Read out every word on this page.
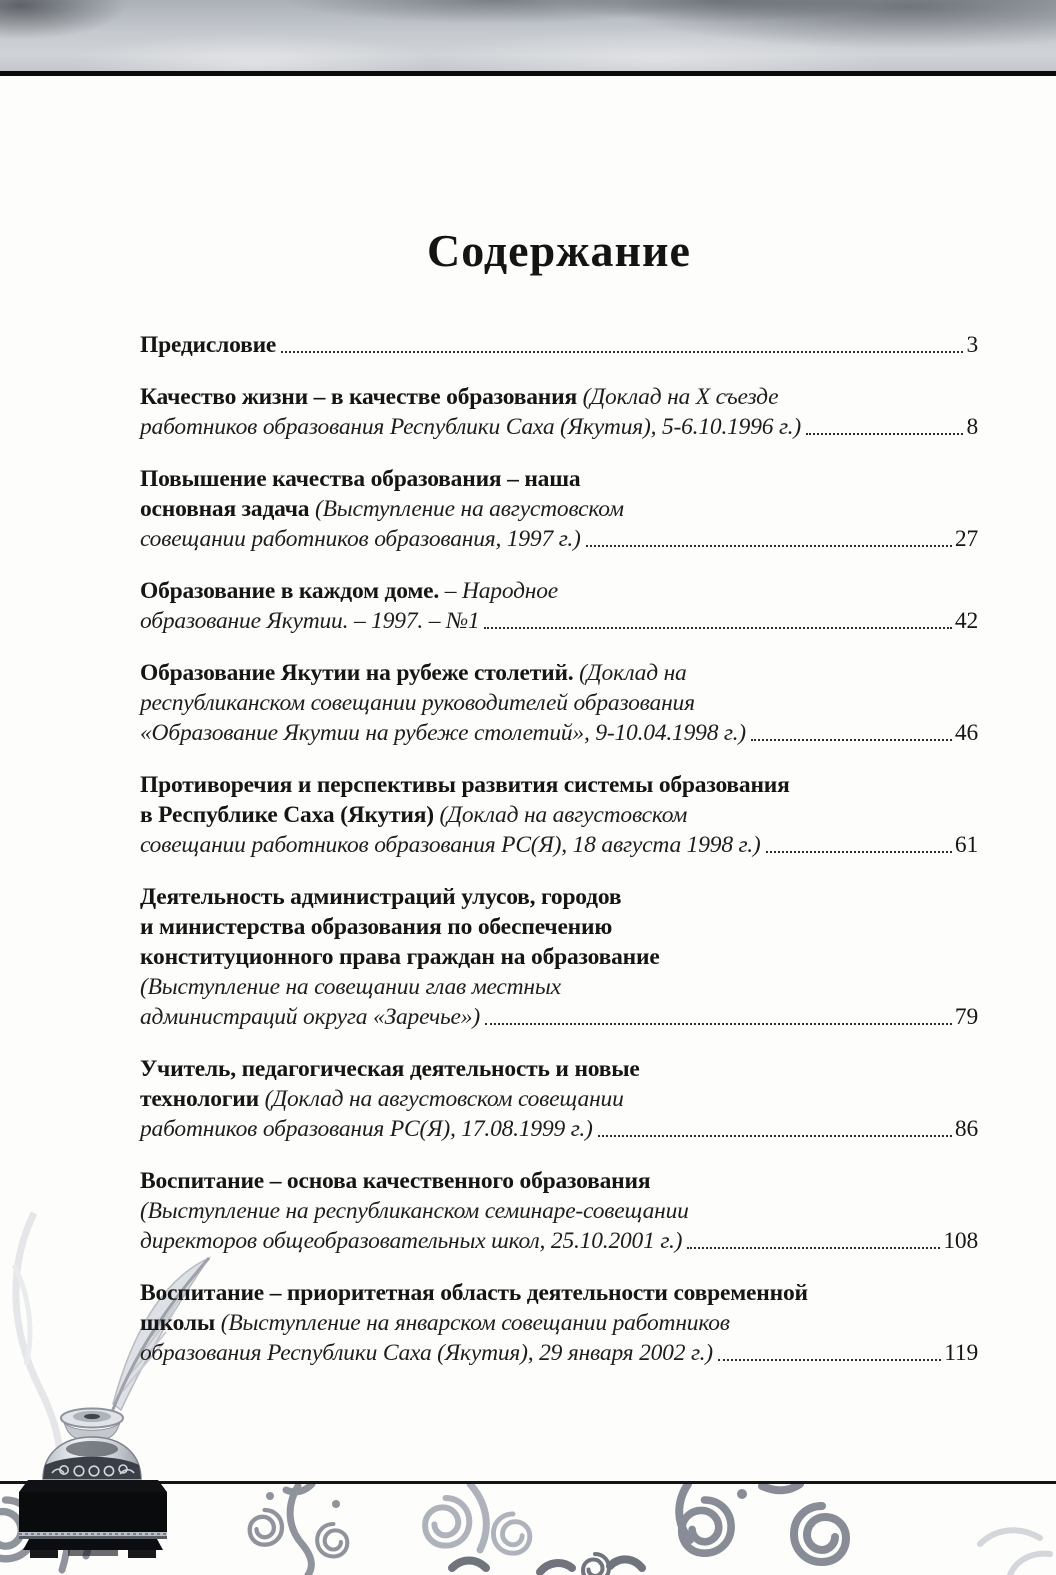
Содержание
Предисловие	3
Качество жизни – в качестве образования (Доклад на X съезде
работников образования Республики Саха (Якутия), 5-6.10.1996 г.)	8
Повышение качества образования – наша
основная задача (Выступление на августовском
совещании работников образования, 1997 г.)	27
Образование в каждом доме. – Народное
образование Якутии. – 1997. – №1	42
Образование Якутии на рубеже столетий. (Доклад на
республиканском совещании руководителей образования
«Образование Якутии на рубеже столетий», 9-10.04.1998 г.)	46
Противоречия и перспективы развития системы образования
в Республике Саха (Якутия) (Доклад на августовском
совещании работников образования РС(Я), 18 августа 1998 г.)	61
Деятельность администраций улусов, городов
и министерства образования по обеспечению
конституционного права граждан на образование
(Выступление на совещании глав местных
администраций округа «Заречье»)	79
Учитель, педагогическая деятельность и новые
технологии (Доклад на августовском совещании
работников образования РС(Я), 17.08.1999 г.)	86
Воспитание – основа качественного образования
(Выступление на республиканском семинаре-совещании
директоров общеобразовательных школ, 25.10.2001 г.)	108
Воспитание – приоритетная область деятельности современной
школы (Выступление на январском совещании работников
образования Республики Саха (Якутия), 29 января 2002 г.)	119
